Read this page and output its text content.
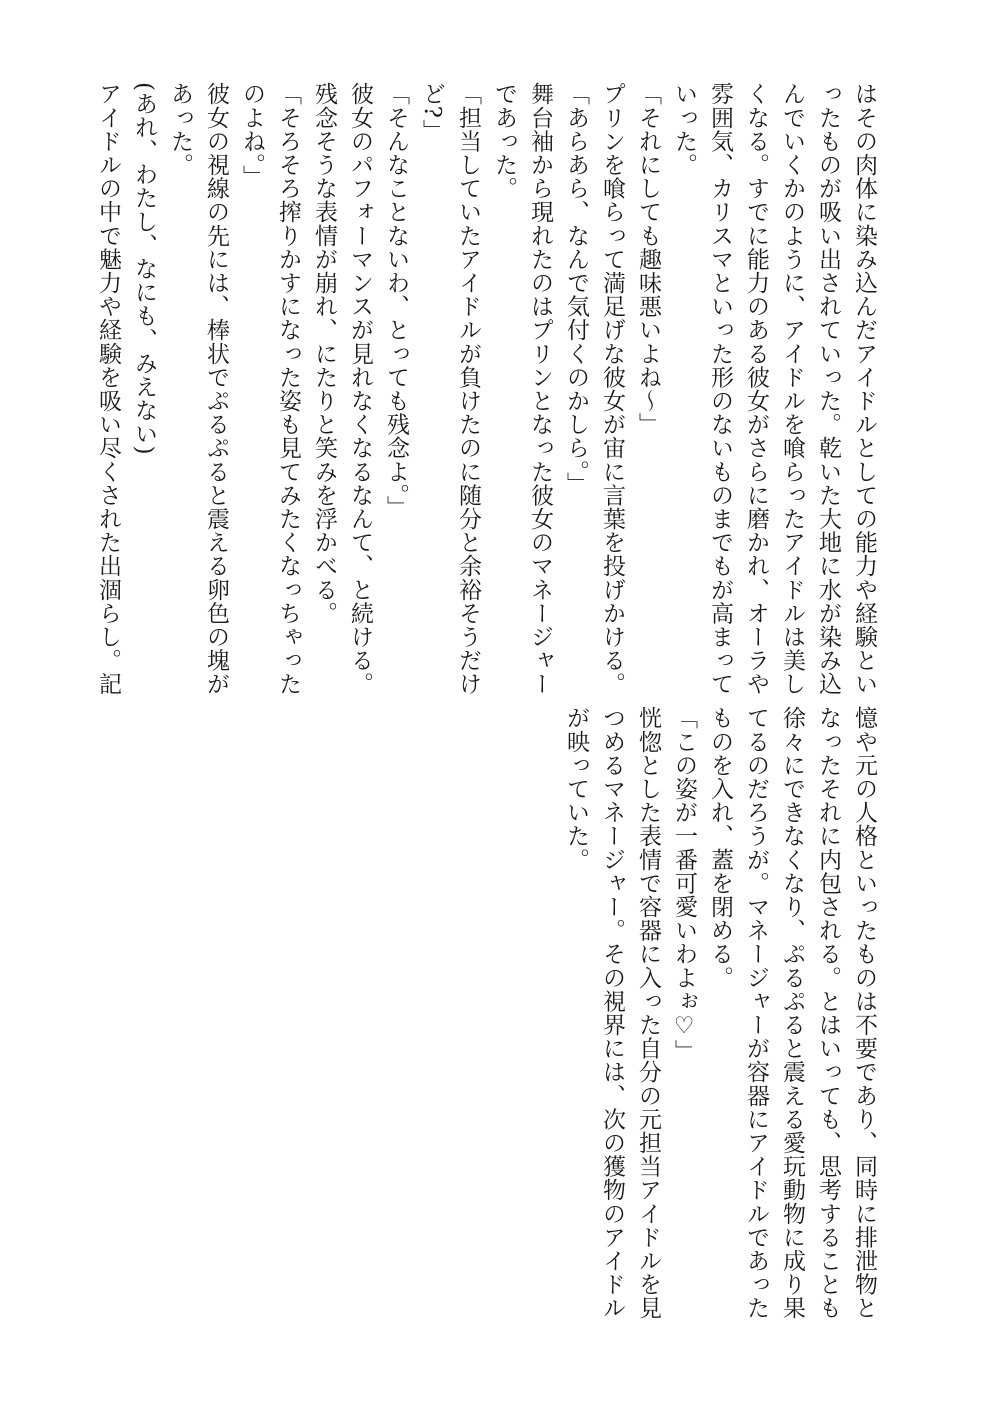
はその肉体に染み込んだアイドルとしての能力や経験とい

ったものが吸い出されていった。乾いた大地に水が染み込

んでいくかのように、アイドルを喰らったアイドルは美し

くなる。すでに能力のある彼女がさらに磨かれ、オーラや

雰囲気、カリスマといった形のないものまでもが高まって

いった。

「それにしても趣味悪いよね〜」

プリンを喰らって満足げな彼女が宙に言葉を投げかける。

「あらあら、なんで気付くのかしら。」

舞台袖から現れたのはプリンとなった彼女のマネージャー

であった。

「担当していたアイドルが負けたのに随分と余裕そうだけ

ど?」

「そんなことないわ、とっても残念よ。」

彼女のパフォーマンスが見れなくなるなんて、と続ける。

残念そうな表情が崩れ、にたりと笑みを浮かべる。

「そろそろ搾りかすになった姿も見てみたくなっちゃった

のよね。」

彼女の視線の先には、棒状でぷるぷると震える卵色の塊が

あった。

(あれ、わたし、なにも、みえない)

アイドルの中で魅力や経験を吸い尽くされた出涸らし。記

憶や元の人格といったものは不要であり、同時に排泄物と

なったそれに内包される。とはいっても、思考することも

徐々にできなくなり、ぷるぷると震える愛玩動物に成り果

てるのだろうが。マネージャーが容器にアイドルであった

ものを入れ、蓋を閉める。

「この姿が一番可愛いわよぉ♡」

恍惚とした表情で容器に入った自分の元担当アイドルを見

つめるマネージャー。その視界には、次の獲物のアイドル

が映っていた。
